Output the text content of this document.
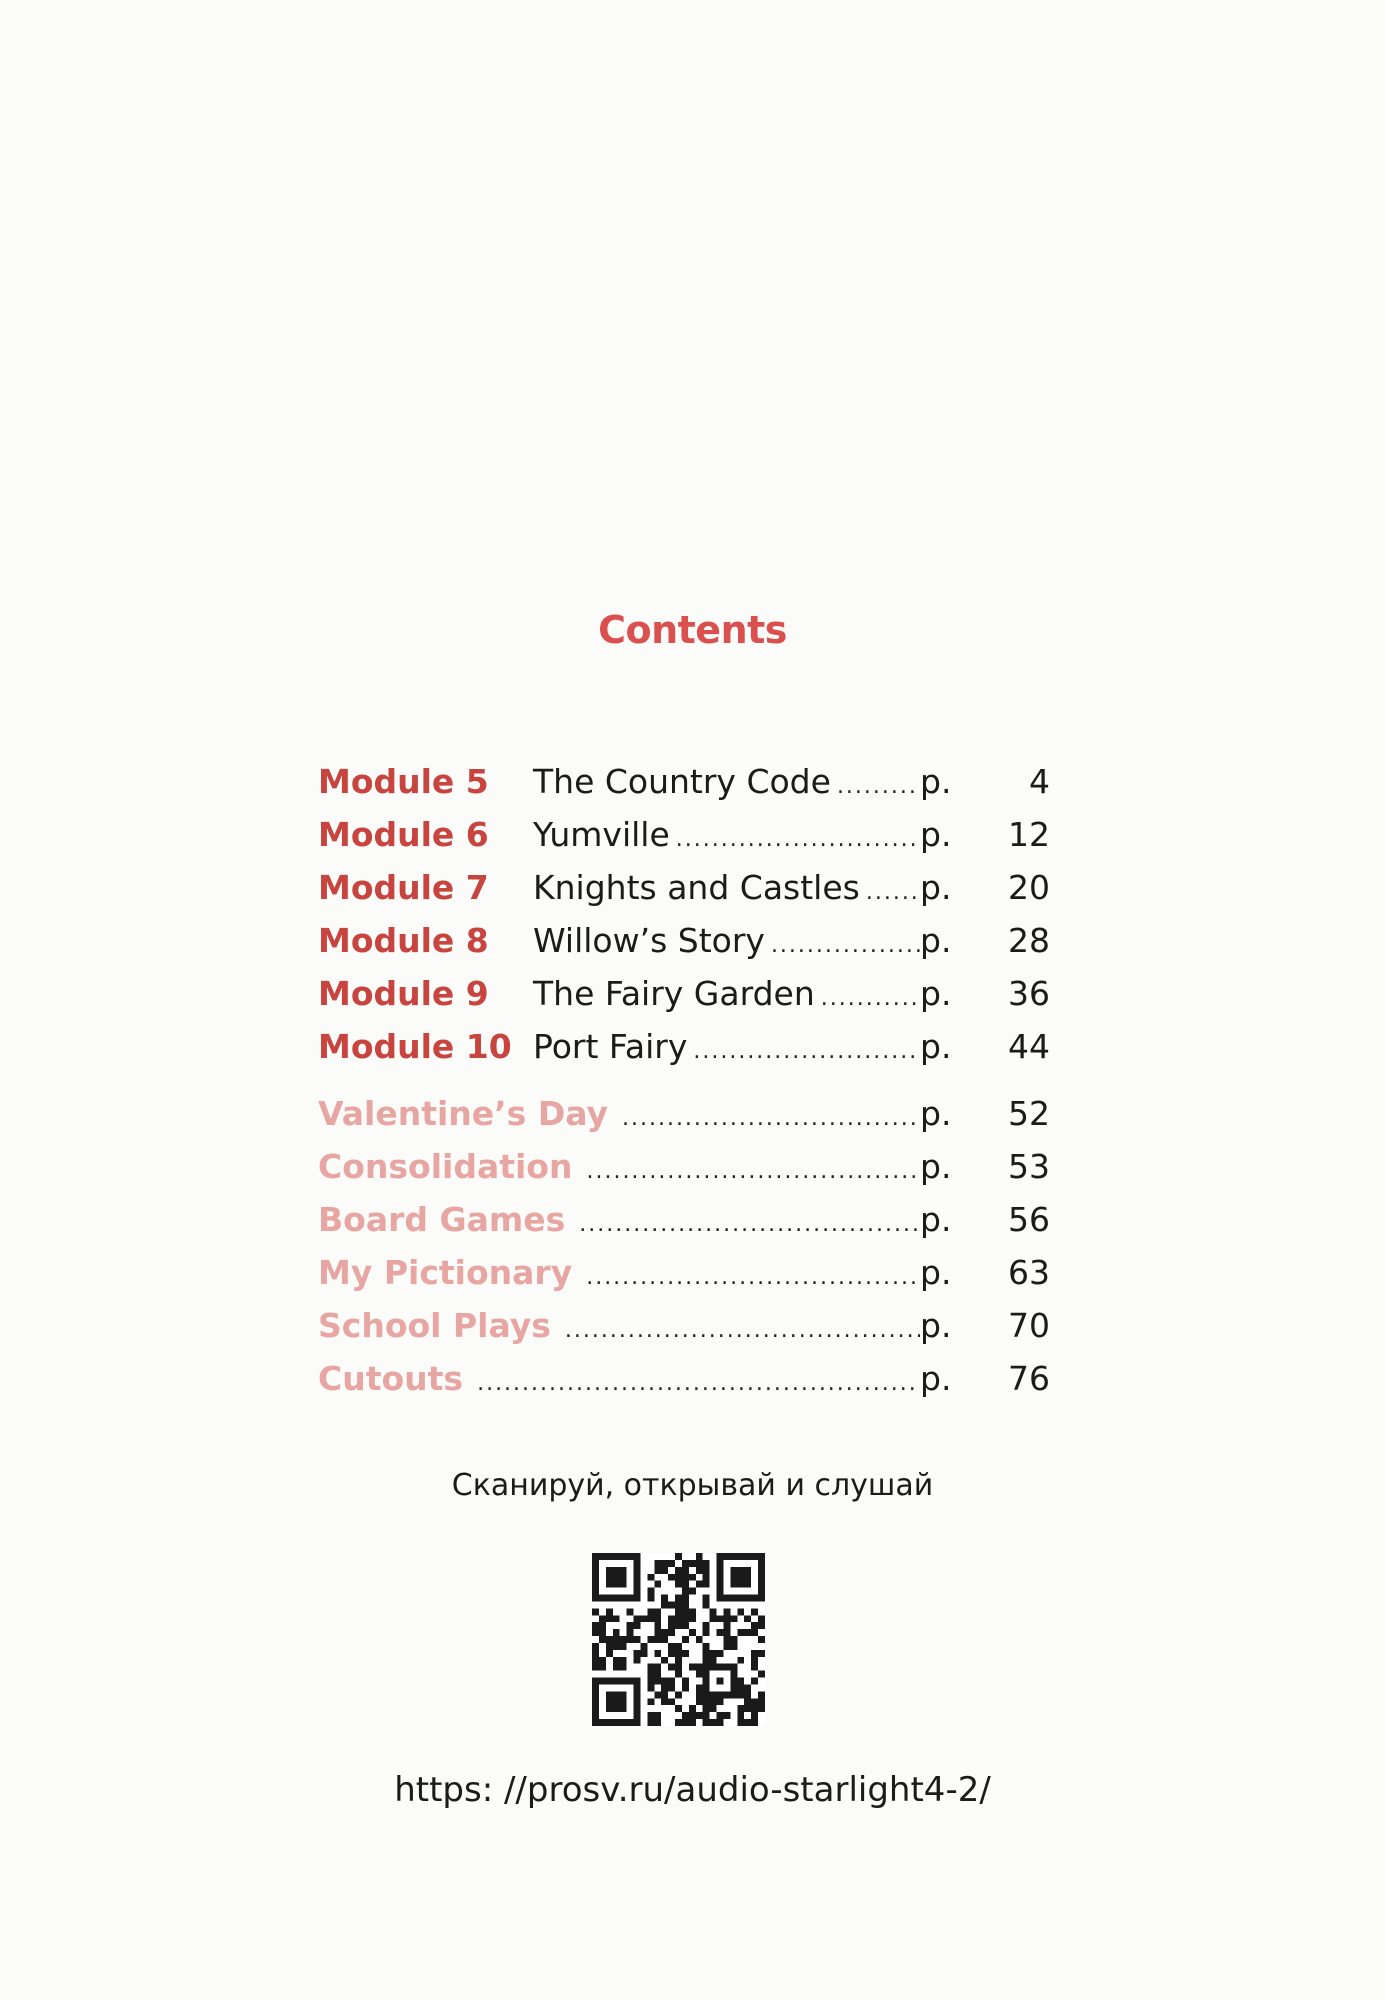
Contents
Module 5	The Country Code .....	p.	4
Module 6	Yumville .....	p.	12
Module 7	Knights and Castles ..... p.	20
Module 8	Willow’s Story .....	p.	28
Module 9	The Fairy Garden .....	p.	36
Module 10 Port Fairy .....	p.	44
Valentine’s Day .....	p.	52
Consolidation .....	p.	53
Board Games .....	p.	56
My Pictionary .....	p.	63
School Plays .....	p.	70
Cutouts .....	p.	76
Сканируй, открывай и слушай
https: //prosv.ru/audio-starlight4-2/
